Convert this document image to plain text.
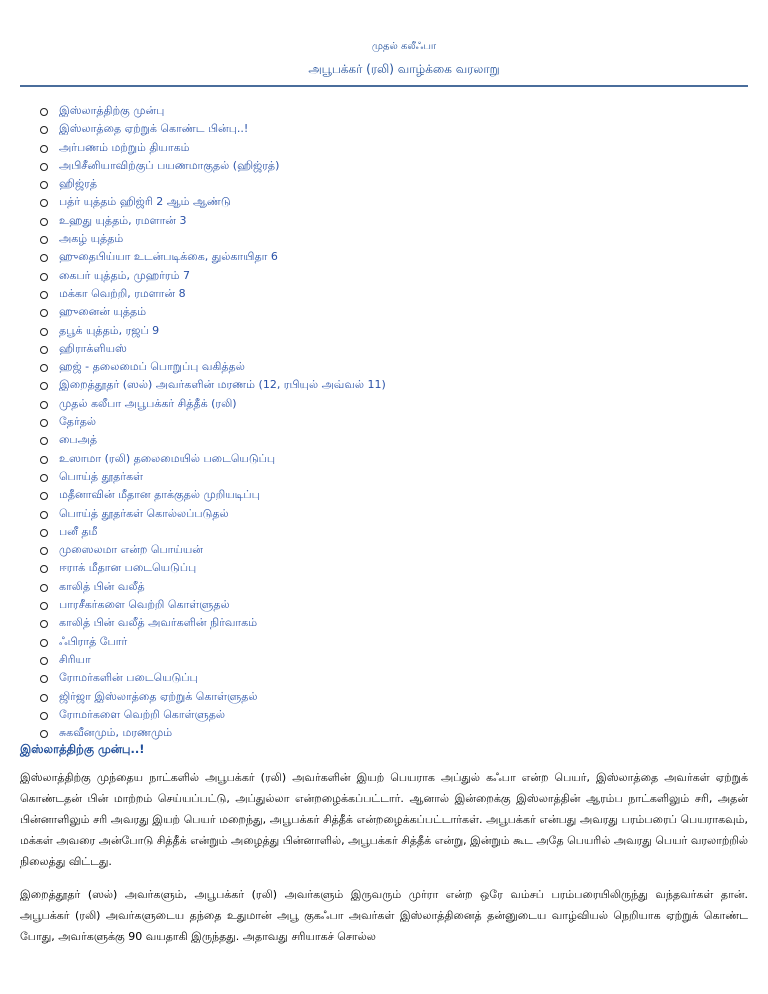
முதல் கலீஃபா
அபூபக்கர் (ரலி) வாழ்க்கை வரலாறு
இஸ்லாத்திற்கு முன்பு
இஸ்லாத்தை ஏற்றுக் கொண்ட பின்பு..!
அர்பணம் மற்றும் தியாகம்
அபிசீனியாவிற்குப் பயணமாகுதல் (ஹிஜ்ரத்)
ஹிஜ்ரத்
பத்ர் யுத்தம் ஹிஜ்ரி 2 ஆம் ஆண்டு
உஹது யுத்தம், ரமளான் 3
அகழ் யுத்தம்
ஹுதைபிய்யா உடன்படிக்கை, துல்காயிதா 6
கைபர் யுத்தம், முஹர்ரம் 7
மக்கா வெற்றி, ரமளான் 8
ஹுனைன் யுத்தம்
தபூக் யுத்தம், ரஜப் 9
ஹிராக்ளியஸ்
ஹஜ் - தலைமைப் பொறுப்பு வகித்தல்
இறைத்தூதர் (ஸல்) அவர்களின் மரணம் (12, ரபியுல் அவ்வல் 11)
முதல் கலீபா அபூபக்கர் சித்தீக் (ரலி)
தேர்தல்
பைஅத்
உஸாமா (ரலி) தலைமையில் படையெடுப்பு
பொய்த் தூதர்கள்
மதீனாவின் மீதான தாக்குதல் முறியடிப்பு
பொய்த் தூதர்கள் கொல்லப்படுதல்
பனீ தமீ
முஸைலமா என்ற பொய்யன்
ஈராக் மீதான படையெடுப்பு
காலித் பின் வலீத்
பாரசீகர்களை வெற்றி கொள்ளுதல்
காலித் பின் வலீத் அவர்களின் நிர்வாகம்
ஃபிராத் போர்
சிரியா
ரோமர்களின் படையெடுப்பு
ஜிர்ஜா இஸ்லாத்தை ஏற்றுக் கொள்ளுதல்
ரோமர்களை வெற்றி கொள்ளுதல்
சுகவீனமும், மரணமும்
இஸ்லாத்திற்கு முன்பு..!
இஸ்லாத்திற்கு முந்தைய நாட்களில் அபூபக்கர் (ரலி) அவர்களின் இயற் பெயராக அப்துல் கஃபா என்ற பெயர், இஸ்லாத்தை அவர்கள் ஏற்றுக் கொண்டதன் பின் மாற்றம் செய்யப்பட்டு, அப்துல்லா என்றழைக்கப்பட்டார். ஆனால் இன்றைக்கு இஸ்லாத்தின் ஆரம்ப நாட்களிலும் சரி, அதன் பின்னாளிலும் சரி அவரது இயற் பெயர் மறைந்து, அபூபக்கர் சித்தீக் என்றழைக்கப்பட்டார்கள். அபூபக்கர் என்பது அவரது பரம்பரைப் பெயராகவும், மக்கள் அவரை அன்போடு சித்தீக் என்றும் அழைத்து பின்னாளில், அபூபக்கர் சித்தீக் என்று, இன்றும் கூட அதே பெயரில் அவரது பெயர் வரலாற்றில் நிலைத்து விட்டது.
இறைத்தூதர் (ஸல்) அவர்களும், அபூபக்கர் (ரலி) அவர்களும் இருவரும் முர்ரா என்ற ஒரே வம்சப் பரம்பரையிலிருந்து வந்தவர்கள் தான். அபூபக்கர் (ரலி) அவர்களுடைய தந்தை உதுமான் அபூ குகஃபா அவர்கள் இஸ்லாத்தினைத் தன்னுடைய வாழ்வியல் நெறியாக ஏற்றுக் கொண்ட போது, அவர்களுக்கு 90 வயதாகி இருந்தது. அதாவது சரியாகச் சொல்ல
